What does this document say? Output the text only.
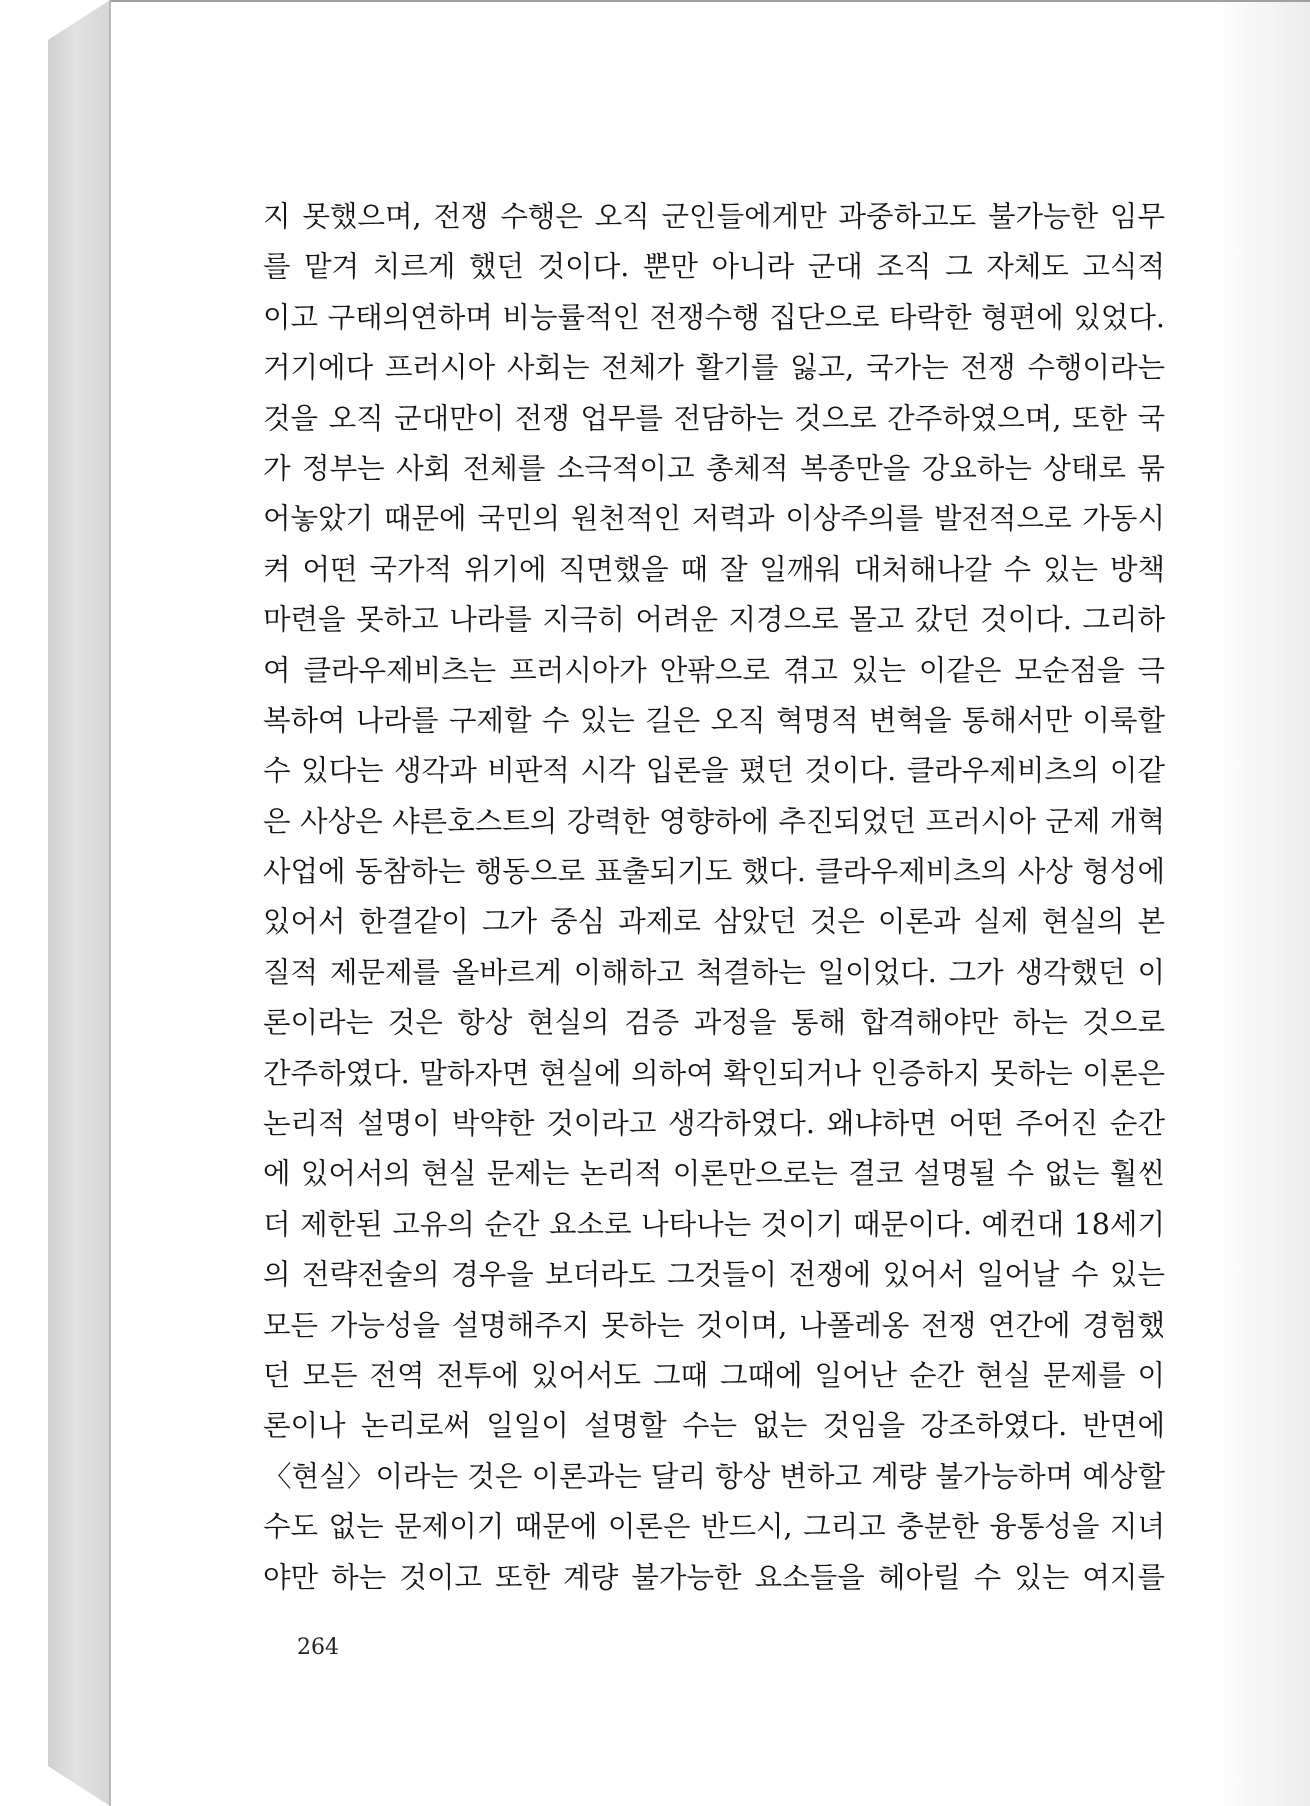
지 못했으며, 전쟁 수행은 오직 군인들에게만 과중하고도 불가능한 임무
를 맡겨 치르게 했던 것이다. 뿐만 아니라 군대 조직 그 자체도 고식적
이고 구태의연하며 비능률적인 전쟁수행 집단으로 타락한 형편에 있었다.
거기에다 프러시아 사회는 전체가 활기를 잃고, 국가는 전쟁 수행이라는
것을 오직 군대만이 전쟁 업무를 전담하는 것으로 간주하였으며, 또한 국
가 정부는 사회 전체를 소극적이고 총체적 복종만을 강요하는 상태로 묶
어놓았기 때문에 국민의 원천적인 저력과 이상주의를 발전적으로 가동시
켜 어떤 국가적 위기에 직면했을 때 잘 일깨워 대처해나갈 수 있는 방책
마련을 못하고 나라를 지극히 어려운 지경으로 몰고 갔던 것이다. 그리하
여 클라우제비츠는 프러시아가 안팎으로 겪고 있는 이같은 모순점을 극
복하여 나라를 구제할 수 있는 길은 오직 혁명적 변혁을 통해서만 이룩할
수 있다는 생각과 비판적 시각 입론을 폈던 것이다. 클라우제비츠의 이같
은 사상은 샤른호스트의 강력한 영향하에 추진되었던 프러시아 군제 개혁
사업에 동참하는 행동으로 표출되기도 했다. 클라우제비츠의 사상 형성에
있어서 한결같이 그가 중심 과제로 삼았던 것은 이론과 실제 현실의 본
질적 제문제를 올바르게 이해하고 척결하는 일이었다. 그가 생각했던 이
론이라는 것은 항상 현실의 검증 과정을 통해 합격해야만 하는 것으로
간주하였다. 말하자면 현실에 의하여 확인되거나 인증하지 못하는 이론은
논리적 설명이 박약한 것이라고 생각하였다. 왜냐하면 어떤 주어진 순간
에 있어서의 현실 문제는 논리적 이론만으로는 결코 설명될 수 없는 훨씬
더 제한된 고유의 순간 요소로 나타나는 것이기 때문이다. 예컨대 18세기
의 전략전술의 경우을 보더라도 그것들이 전쟁에 있어서 일어날 수 있는
모든 가능성을 설명해주지 못하는 것이며, 나폴레옹 전쟁 연간에 경험했
던 모든 전역 전투에 있어서도 그때 그때에 일어난 순간 현실 문제를 이
론이나 논리로써 일일이 설명할 수는 없는 것임을 강조하였다. 반면에
〈현실〉이라는 것은 이론과는 달리 항상 변하고 계량 불가능하며 예상할
수도 없는 문제이기 때문에 이론은 반드시, 그리고 충분한 융통성을 지녀
야만 하는 것이고 또한 계량 불가능한 요소들을 헤아릴 수 있는 여지를
264
